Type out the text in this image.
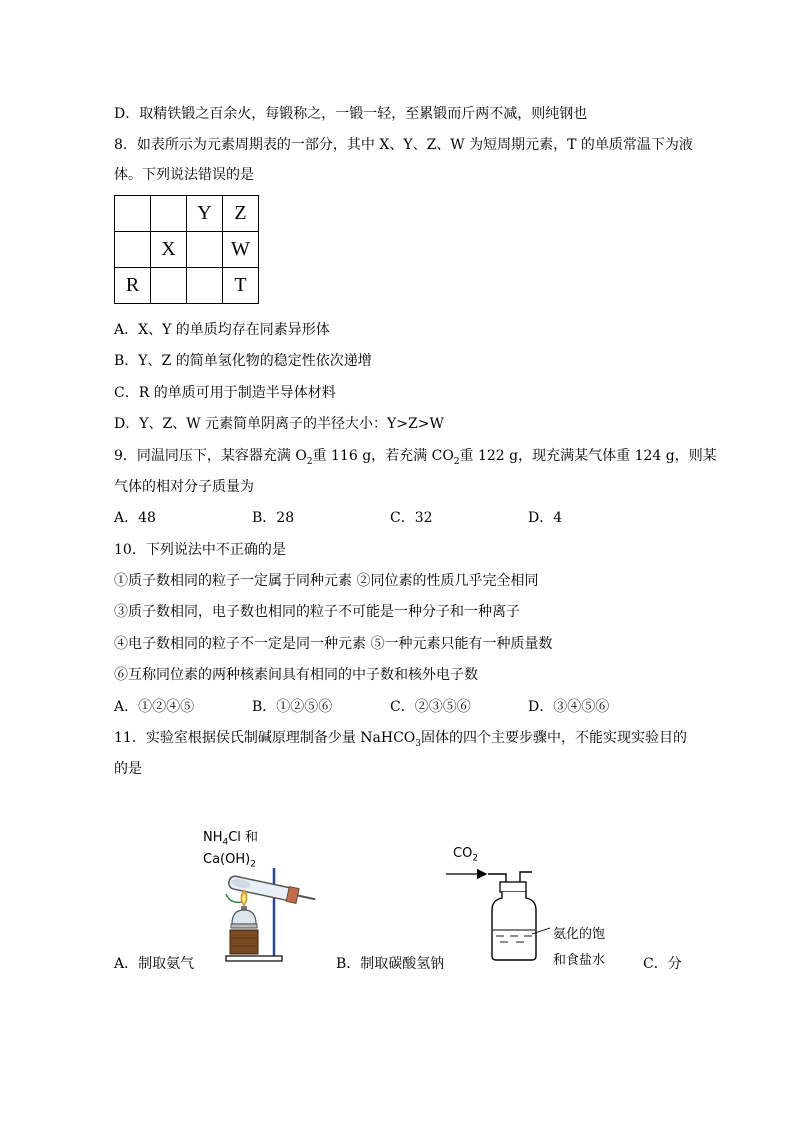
D．取精铁锻之百余火，每锻称之，一锻一轻，至累锻而斤两不减，则纯钢也
8．如表所示为元素周期表的一部分，其中 X、Y、Z、W 为短周期元素，T 的单质常温下为液
体。下列说法错误的是
		Y	Z
	X		W
R			T
A．X、Y 的单质均存在同素异形体
B．Y、Z 的简单氢化物的稳定性依次递增
C．R 的单质可用于制造半导体材料
D．Y、Z、W 元素简单阴离子的半径大小：Y>Z>W
9．同温同压下，某容器充满 $O_2$重 116 g，若充满 $CO_2$重 122 g，现充满某气体重 124 g，则某
气体的相对分子质量为
A．48	B．28	C．32	D．4
10．下列说法中不正确的是
①质子数相同的粒子一定属于同种元素 ②同位素的性质几乎完全相同
③质子数相同，电子数也相同的粒子不可能是一种分子和一种离子
④电子数相同的粒子不一定是同一种元素 ⑤一种元素只能有一种质量数
⑥互称同位素的两种核素间具有相同的中子数和核外电子数
A．①②④⑤	B．①②⑤⑥	C．②③⑤⑥	D．③④⑤⑥
11．实验室根据侯氏制碱原理制备少量 NaHCO$_3$固体的四个主要步骤中，不能实现实验目的
的是
$NH_4Cl$ 和
$Ca(OH)_2$
A．制取氨气	B．制取碳酸氢钠	C．分
$CO_2$
氨化的饱
和食盐水
